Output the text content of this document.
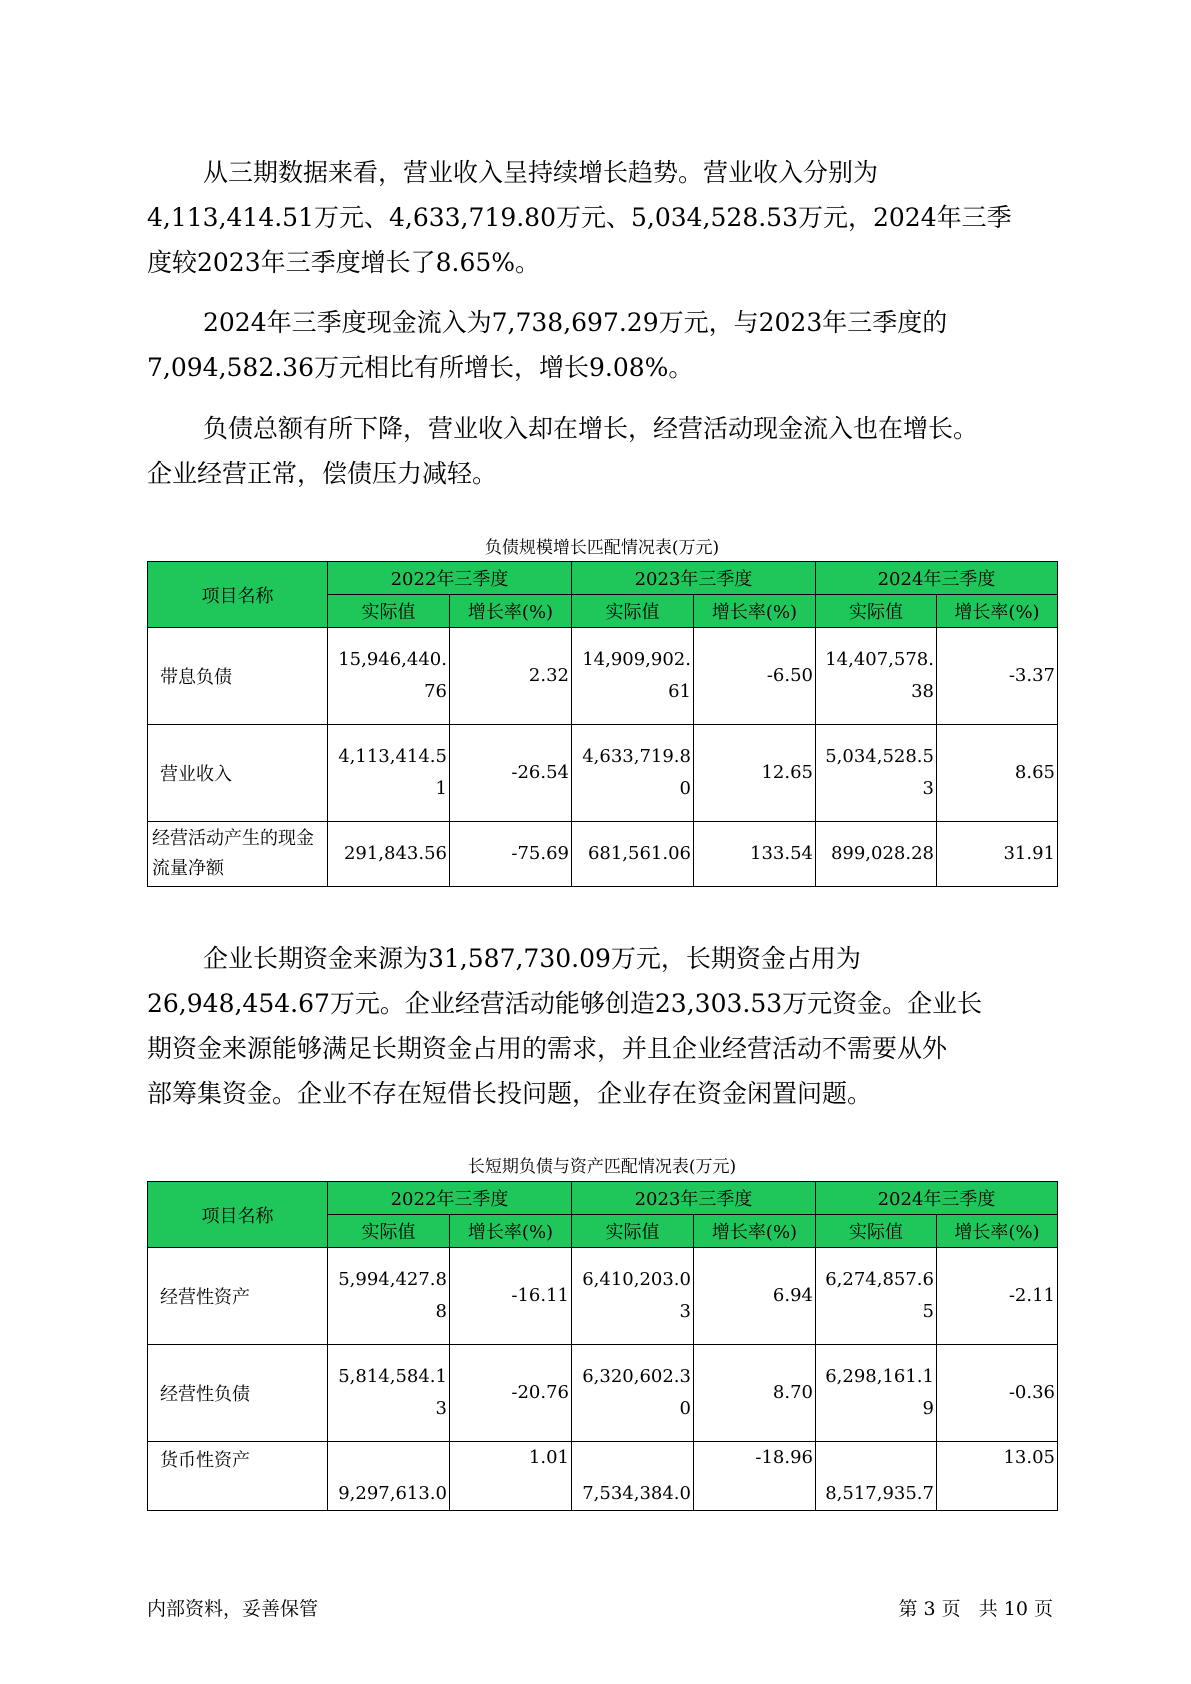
从三期数据来看，营业收入呈持续增长趋势。营业收入分别为
4,113,414.51万元、4,633,719.80万元、5,034,528.53万元，2024年三季
度较2023年三季度增长了8.65%。
2024年三季度现金流入为7,738,697.29万元，与2023年三季度的
7,094,582.36万元相比有所增长，增长9.08%。
负债总额有所下降，营业收入却在增长，经营活动现金流入也在增长。
企业经营正常，偿债压力减轻。
负债规模增长匹配情况表(万元)
项目名称	2022年三季度		2023年三季度		2024年三季度	
	实际值	增长率(%)	实际值	增长率(%)	实际值	增长率(%)
带息负债	15,946,440.76	2.32	14,909,902.61	-6.50	14,407,578.38	-3.37
营业收入	4,113,414.51	-26.54	4,633,719.80	12.65	5,034,528.53	8.65
经营活动产生的现金流量净额	291,843.56	-75.69	681,561.06	133.54	899,028.28	31.91
企业长期资金来源为31,587,730.09万元，长期资金占用为
26,948,454.67万元。企业经营活动能够创造23,303.53万元资金。企业长
期资金来源能够满足长期资金占用的需求，并且企业经营活动不需要从外
部筹集资金。企业不存在短借长投问题，企业存在资金闲置问题。
长短期负债与资产匹配情况表(万元)
项目名称	2022年三季度		2023年三季度		2024年三季度	
	实际值	增长率(%)	实际值	增长率(%)	实际值	增长率(%)
经营性资产	5,994,427.88	-16.11	6,410,203.03	6.94	6,274,857.65	-2.11
经营性负债	5,814,584.13	-20.76	6,320,602.30	8.70	6,298,161.19	-0.36
货币性资产	9,297,613.0	1.01	7,534,384.0	-18.96	8,517,935.7	13.05
内部资料，妥善保管	第 3 页   共 10 页
